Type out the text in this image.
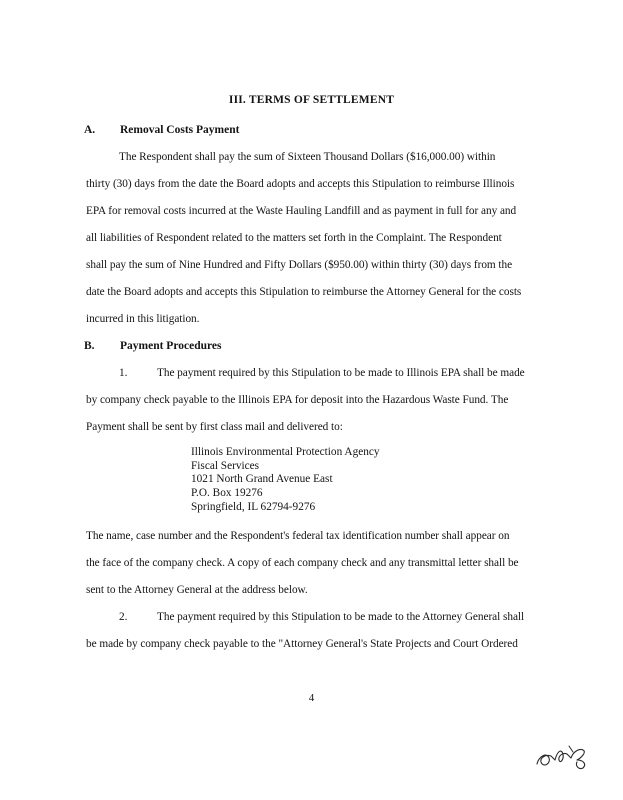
III. TERMS OF SETTLEMENT
A. Removal Costs Payment
The Respondent shall pay the sum of Sixteen Thousand Dollars ($16,000.00) within
thirty (30) days from the date the Board adopts and accepts this Stipulation to reimburse Illinois
EPA for removal costs incurred at the Waste Hauling Landfill and as payment in full for any and
all liabilities of Respondent related to the matters set forth in the Complaint. The Respondent
shall pay the sum of Nine Hundred and Fifty Dollars ($950.00) within thirty (30) days from the
date the Board adopts and accepts this Stipulation to reimburse the Attorney General for the costs
incurred in this litigation.
B. Payment Procedures
1.	The payment required by this Stipulation to be made to Illinois EPA shall be made
by company check payable to the Illinois EPA for deposit into the Hazardous Waste Fund. The
Payment shall be sent by first class mail and delivered to:
Illinois Environmental Protection Agency
Fiscal Services
1021 North Grand Avenue East
P.O. Box 19276
Springfield, IL 62794-9276
The name, case number and the Respondent's federal tax identification number shall appear on
the face of the company check. A copy of each company check and any transmittal letter shall be
sent to the Attorney General at the address below.
2.	The payment required by this Stipulation to be made to the Attorney General shall
be made by company check payable to the "Attorney General's State Projects and Court Ordered
4
